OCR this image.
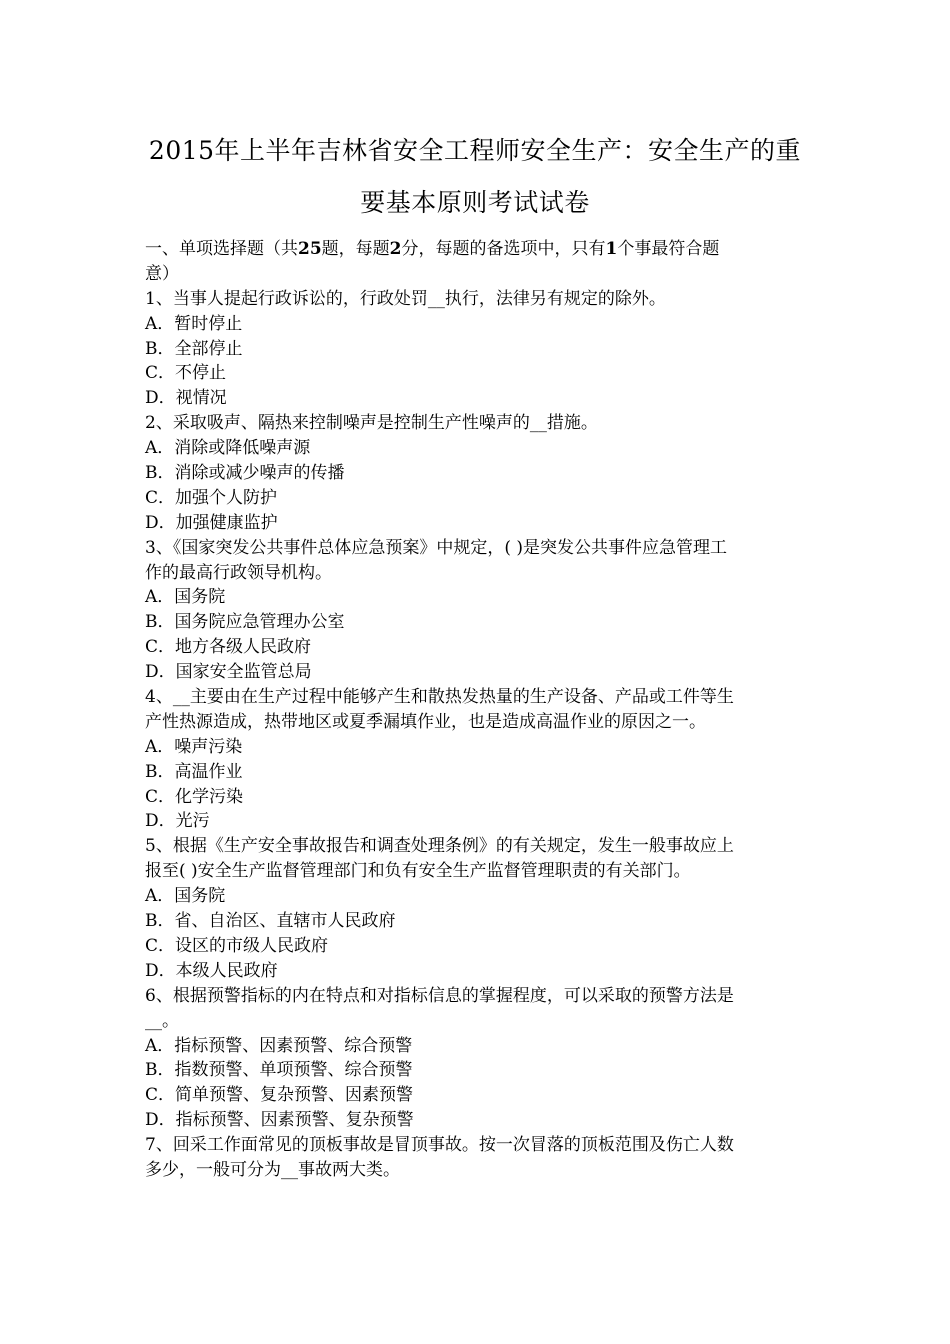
2015年上半年吉林省安全工程师安全生产：安全生产的重
要基本原则考试试卷
一、单项选择题（共25题，每题2分，每题的备选项中，只有1个事最符合题
意）
1、当事人提起行政诉讼的，行政处罚__执行，法律另有规定的除外。
A．暂时停止
B．全部停止
C．不停止
D．视情况
2、采取吸声、隔热来控制噪声是控制生产性噪声的__措施。
A．消除或降低噪声源
B．消除或减少噪声的传播
C．加强个人防护
D．加强健康监护
3、《国家突发公共事件总体应急预案》中规定，( )是突发公共事件应急管理工
作的最高行政领导机构。
A．国务院
B．国务院应急管理办公室
C．地方各级人民政府
D．国家安全监管总局
4、__主要由在生产过程中能够产生和散热发热量的生产设备、产品或工件等生
产性热源造成，热带地区或夏季漏填作业，也是造成高温作业的原因之一。
A．噪声污染
B．高温作业
C．化学污染
D．光污
5、根据《生产安全事故报告和调查处理条例》的有关规定，发生一般事故应上
报至( )安全生产监督管理部门和负有安全生产监督管理职责的有关部门。
A．国务院
B．省、自治区、直辖市人民政府
C．设区的市级人民政府
D．本级人民政府
6、根据预警指标的内在特点和对指标信息的掌握程度，可以采取的预警方法是
__。
A．指标预警、因素预警、综合预警
B．指数预警、单项预警、综合预警
C．简单预警、复杂预警、因素预警
D．指标预警、因素预警、复杂预警
7、回采工作面常见的顶板事故是冒顶事故。按一次冒落的顶板范围及伤亡人数
多少，一般可分为__事故两大类。
